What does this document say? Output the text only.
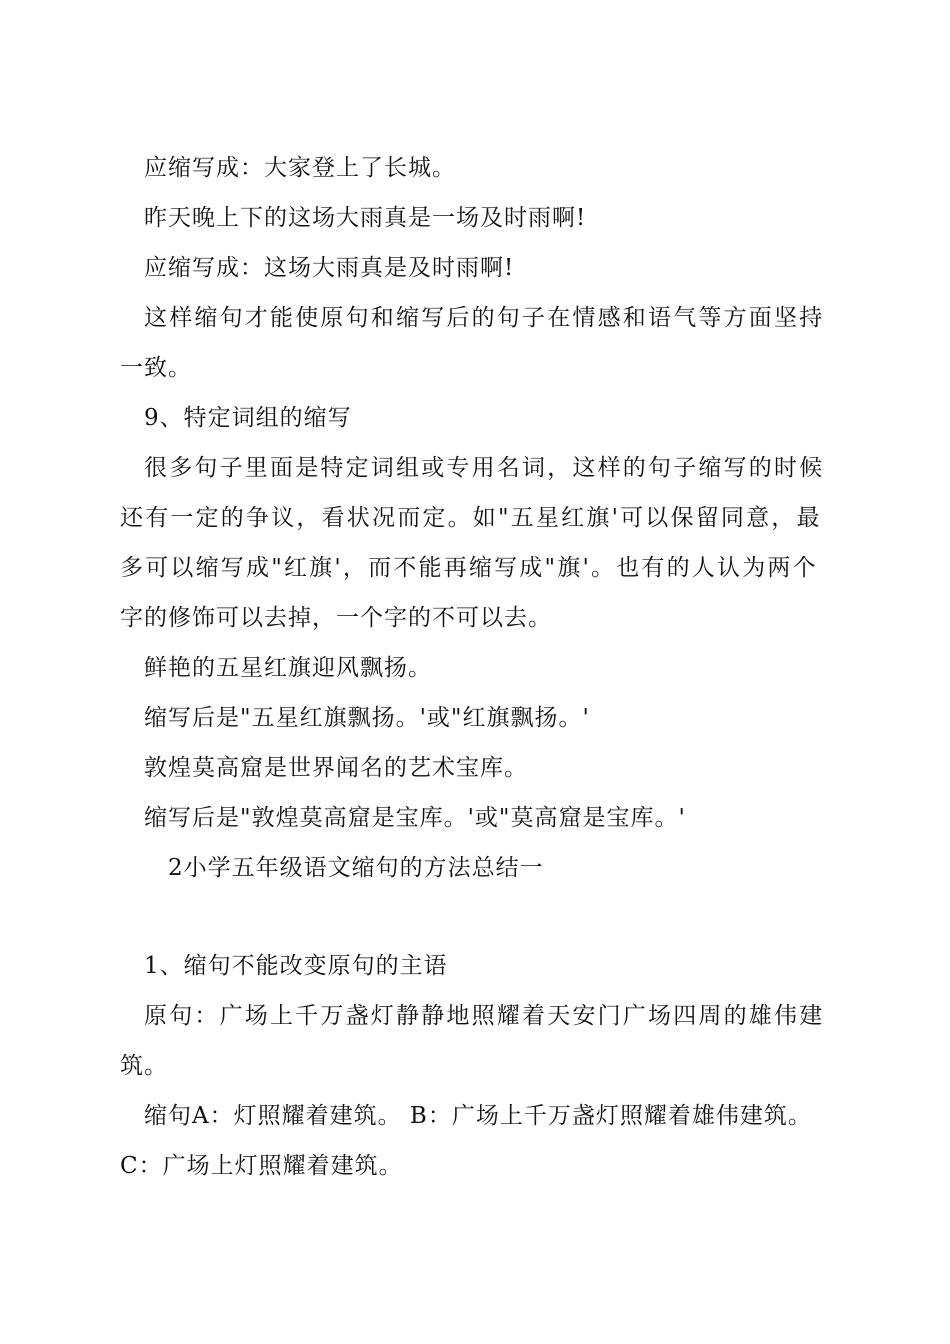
应缩写成：大家登上了长城。
昨天晚上下的这场大雨真是一场及时雨啊!
应缩写成：这场大雨真是及时雨啊!
这样缩句才能使原句和缩写后的句子在情感和语气等方面坚持
一致。
9、特定词组的缩写
很多句子里面是特定词组或专用名词，这样的句子缩写的时候
还有一定的争议，看状况而定。如"五星红旗'可以保留同意，最
多可以缩写成"红旗'，而不能再缩写成"旗'。也有的人认为两个
字的修饰可以去掉，一个字的不可以去。
鲜艳的五星红旗迎风飘扬。
缩写后是"五星红旗飘扬。'或"红旗飘扬。'
敦煌莫高窟是世界闻名的艺术宝库。
缩写后是"敦煌莫高窟是宝库。'或"莫高窟是宝库。'
2小学五年级语文缩句的方法总结一
1、缩句不能改变原句的主语
原句：广场上千万盏灯静静地照耀着天安门广场四周的雄伟建
筑。
缩句A：灯照耀着建筑。 B：广场上千万盏灯照耀着雄伟建筑。
C：广场上灯照耀着建筑。
